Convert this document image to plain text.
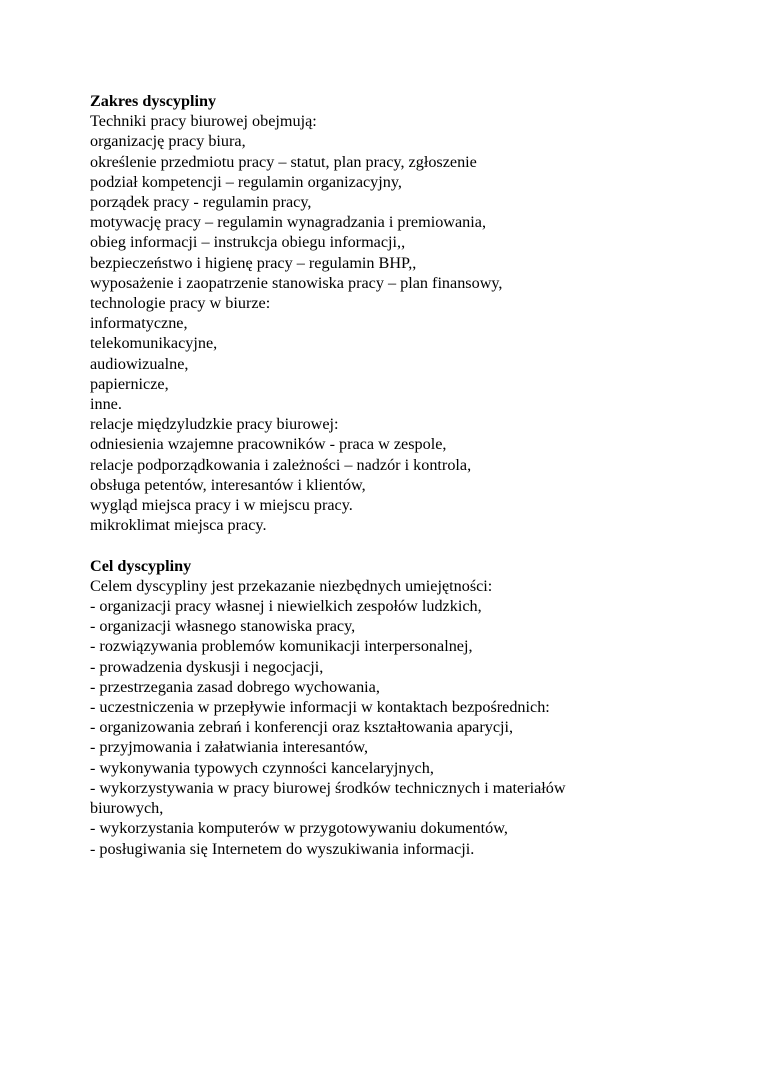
Zakres dyscypliny

Techniki pracy biurowej obejmują:

organizację pracy biura,

określenie przedmiotu pracy – statut, plan pracy, zgłoszenie

podział kompetencji – regulamin organizacyjny,

porządek pracy - regulamin pracy,

motywację pracy – regulamin wynagradzania i premiowania,

obieg informacji – instrukcja obiegu informacji,,

bezpieczeństwo i higienę pracy – regulamin BHP,,

wyposażenie i zaopatrzenie stanowiska pracy – plan finansowy,

technologie pracy w biurze:

informatyczne,

telekomunikacyjne,

audiowizualne,

papiernicze,

inne.

relacje międzyludzkie pracy biurowej:

odniesienia wzajemne pracowników - praca w zespole,

relacje podporządkowania i zależności – nadzór i kontrola,

obsługa petentów, interesantów i klientów,

wygląd miejsca pracy i w miejscu pracy.

mikroklimat miejsca pracy.

Cel dyscypliny

Celem dyscypliny jest przekazanie niezbędnych umiejętności:

- organizacji pracy własnej i niewielkich zespołów ludzkich,

- organizacji własnego stanowiska pracy,

- rozwiązywania problemów komunikacji interpersonalnej,

- prowadzenia dyskusji i negocjacji,

- przestrzegania zasad dobrego wychowania,

- uczestniczenia w przepływie informacji w kontaktach bezpośrednich:

- organizowania zebrań i konferencji oraz kształtowania aparycji,

- przyjmowania i załatwiania interesantów,

- wykonywania typowych czynności kancelaryjnych,

- wykorzystywania w pracy biurowej środków technicznych i materiałów

biurowych,

- wykorzystania komputerów w przygotowywaniu dokumentów,

- posługiwania się Internetem do wyszukiwania informacji.
